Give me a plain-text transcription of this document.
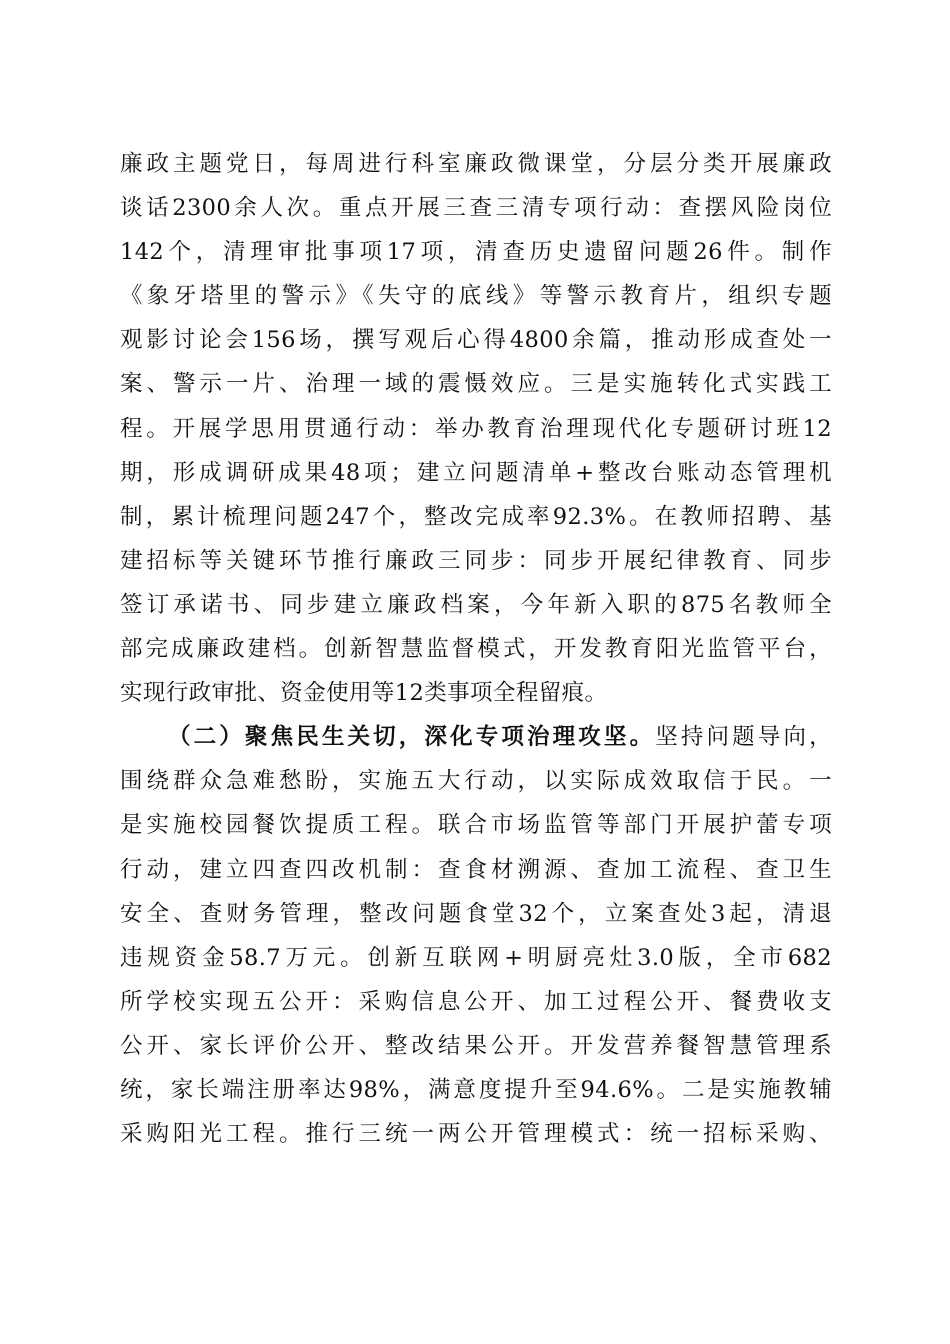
廉政主题党日，每周进行科室廉政微课堂，分层分类开展廉政
谈话2300余人次。重点开展三查三清专项行动：查摆风险岗位
142个，清理审批事项17项，清查历史遗留问题26件。制作
《象牙塔里的警示》《失守的底线》等警示教育片，组织专题
观影讨论会156场，撰写观后心得4800余篇，推动形成查处一
案、警示一片、治理一域的震慑效应。三是实施转化式实践工
程。开展学思用贯通行动：举办教育治理现代化专题研讨班12
期，形成调研成果48项；建立问题清单+整改台账动态管理机
制，累计梳理问题247个，整改完成率92.3%。在教师招聘、基
建招标等关键环节推行廉政三同步：同步开展纪律教育、同步
签订承诺书、同步建立廉政档案，今年新入职的875名教师全
部完成廉政建档。创新智慧监督模式，开发教育阳光监管平台，
实现行政审批、资金使用等12类事项全程留痕。
（二）聚焦民生关切，深化专项治理攻坚。坚持问题导向，
围绕群众急难愁盼，实施五大行动，以实际成效取信于民。一
是实施校园餐饮提质工程。联合市场监管等部门开展护蕾专项
行动，建立四查四改机制：查食材溯源、查加工流程、查卫生
安全、查财务管理，整改问题食堂32个，立案查处3起，清退
违规资金58.7万元。创新互联网+明厨亮灶3.0版，全市682
所学校实现五公开：采购信息公开、加工过程公开、餐费收支
公开、家长评价公开、整改结果公开。开发营养餐智慧管理系
统，家长端注册率达98%，满意度提升至94.6%。二是实施教辅
采购阳光工程。推行三统一两公开管理模式：统一招标采购、
